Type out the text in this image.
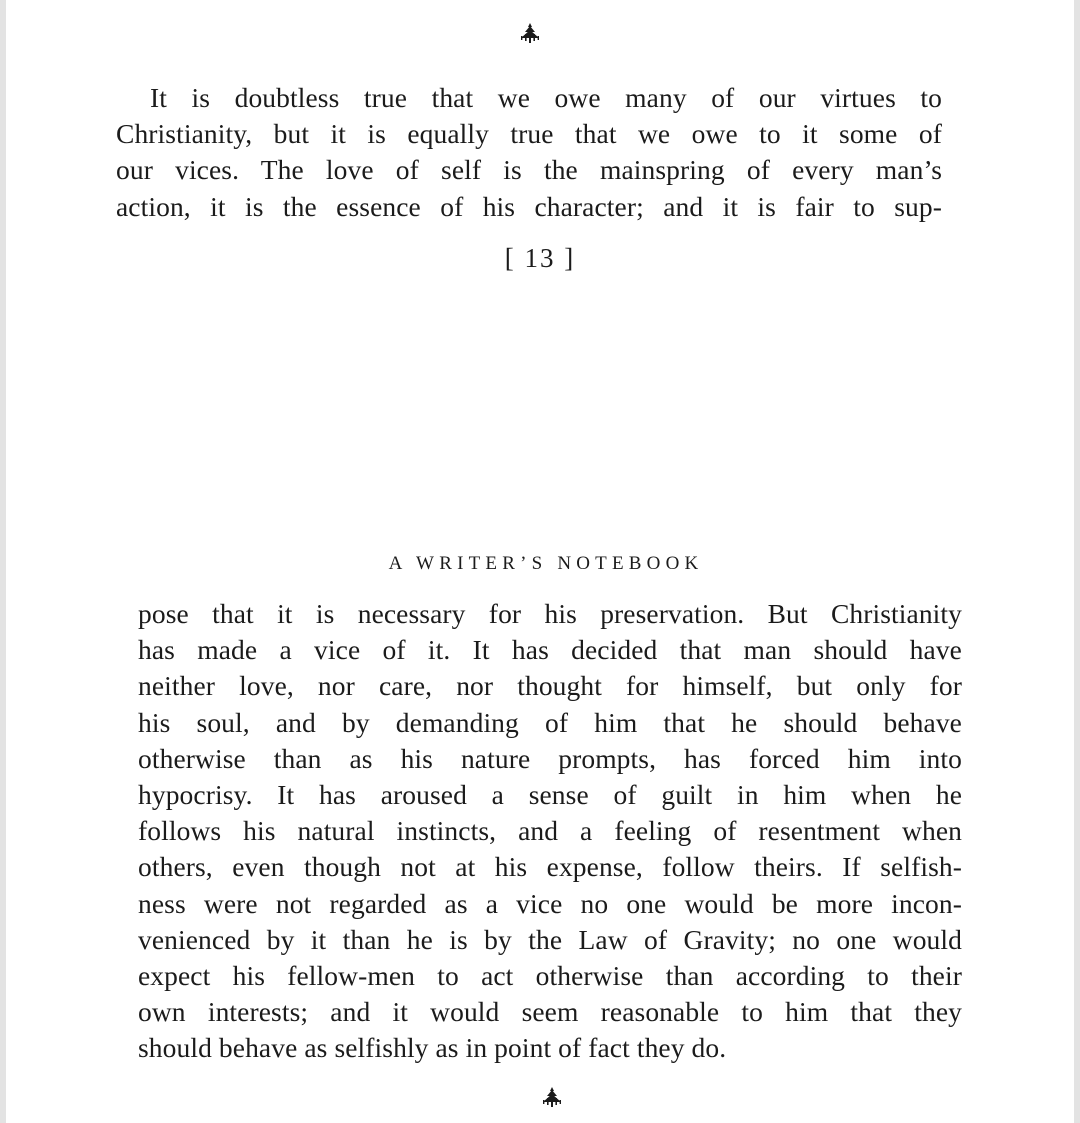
It is doubtless true that we owe many of our virtues to
Christianity, but it is equally true that we owe to it some of
our vices. The love of self is the mainspring of every man’s
action, it is the essence of his character; and it is fair to sup-
[ 13 ]
A WRITER’S NOTEBOOK
pose that it is necessary for his preservation. But Christianity
has made a vice of it. It has decided that man should have
neither love, nor care, nor thought for himself, but only for
his soul, and by demanding of him that he should behave
otherwise than as his nature prompts, has forced him into
hypocrisy. It has aroused a sense of guilt in him when he
follows his natural instincts, and a feeling of resentment when
others, even though not at his expense, follow theirs. If selfish-
ness were not regarded as a vice no one would be more incon-
venienced by it than he is by the Law of Gravity; no one would
expect his fellow-men to act otherwise than according to their
own interests; and it would seem reasonable to him that they
should behave as selfishly as in point of fact they do.
